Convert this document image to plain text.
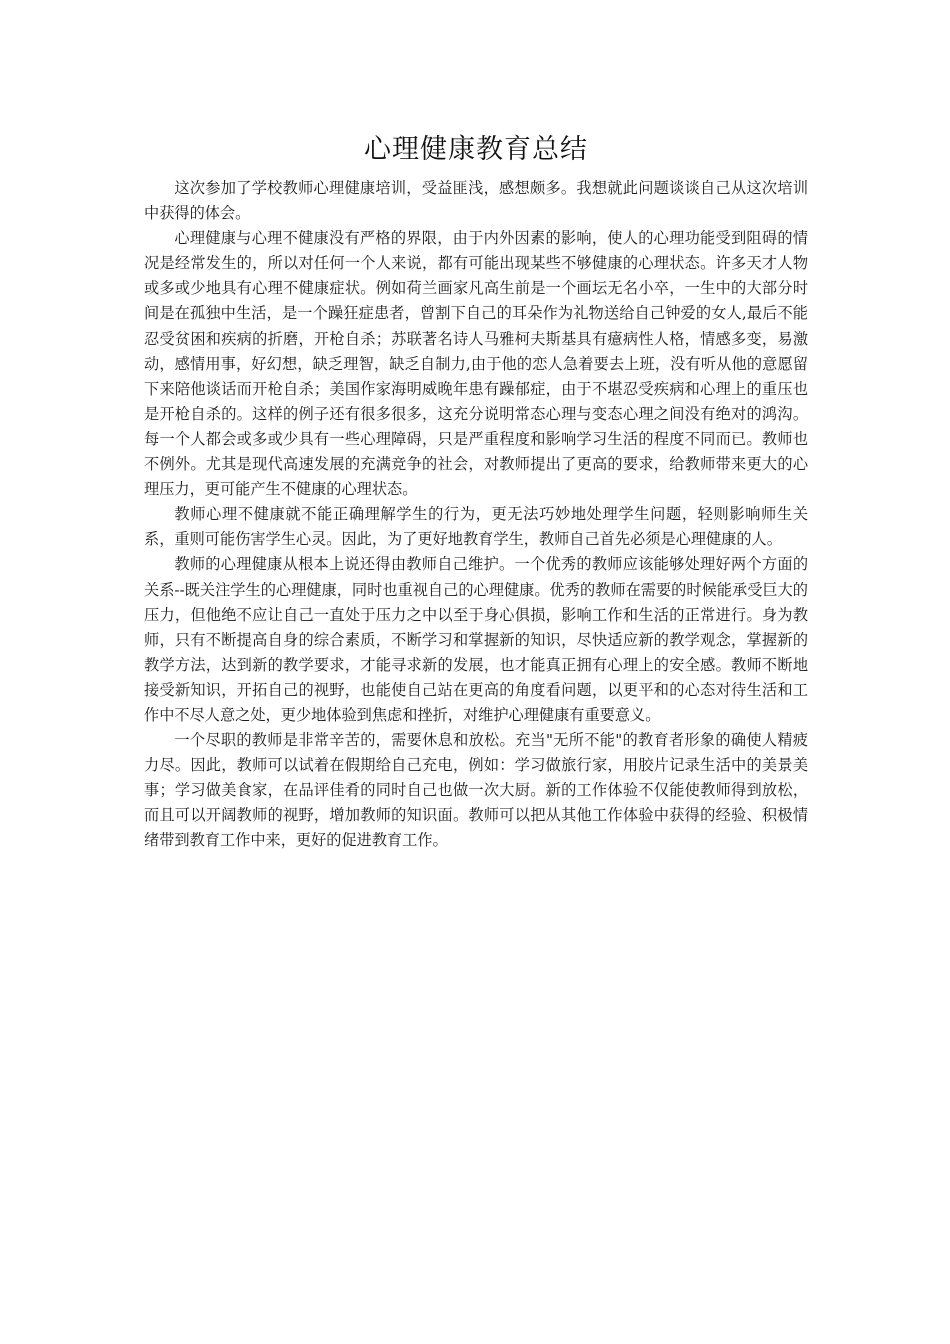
心理健康教育总结

这次参加了学校教师心理健康培训，受益匪浅，感想颇多。我想就此问题谈谈自己从这次培训中获得的体会。

心理健康与心理不健康没有严格的界限，由于内外因素的影响，使人的心理功能受到阻碍的情况是经常发生的，所以对任何一个人来说，都有可能出现某些不够健康的心理状态。许多天才人物或多或少地具有心理不健康症状。例如荷兰画家凡高生前是一个画坛无名小卒，一生中的大部分时间是在孤独中生活，是一个躁狂症患者，曾割下自己的耳朵作为礼物送给自己钟爱的女人,最后不能忍受贫困和疾病的折磨，开枪自杀；苏联著名诗人马雅柯夫斯基具有癔病性人格，情感多变，易激动，感情用事，好幻想，缺乏理智，缺乏自制力,由于他的恋人急着要去上班，没有听从他的意愿留下来陪他谈话而开枪自杀；美国作家海明威晚年患有躁郁症，由于不堪忍受疾病和心理上的重压也是开枪自杀的。这样的例子还有很多很多，这充分说明常态心理与变态心理之间没有绝对的鸿沟。每一个人都会或多或少具有一些心理障碍，只是严重程度和影响学习生活的程度不同而已。教师也不例外。尤其是现代高速发展的充满竞争的社会，对教师提出了更高的要求，给教师带来更大的心理压力，更可能产生不健康的心理状态。

教师心理不健康就不能正确理解学生的行为，更无法巧妙地处理学生问题，轻则影响师生关系，重则可能伤害学生心灵。因此，为了更好地教育学生，教师自己首先必须是心理健康的人。

教师的心理健康从根本上说还得由教师自己维护。一个优秀的教师应该能够处理好两个方面的关系--既关注学生的心理健康，同时也重视自己的心理健康。优秀的教师在需要的时候能承受巨大的压力，但他绝不应让自己一直处于压力之中以至于身心俱损，影响工作和生活的正常进行。身为教师，只有不断提高自身的综合素质，不断学习和掌握新的知识，尽快适应新的教学观念，掌握新的教学方法，达到新的教学要求，才能寻求新的发展，也才能真正拥有心理上的安全感。教师不断地接受新知识，开拓自己的视野，也能使自己站在更高的角度看问题，以更平和的心态对待生活和工作中不尽人意之处，更少地体验到焦虑和挫折，对维护心理健康有重要意义。

一个尽职的教师是非常辛苦的，需要休息和放松。充当"无所不能"的教育者形象的确使人精疲力尽。因此，教师可以试着在假期给自己充电，例如：学习做旅行家，用胶片记录生活中的美景美事；学习做美食家，在品评佳肴的同时自己也做一次大厨。新的工作体验不仅能使教师得到放松，而且可以开阔教师的视野，增加教师的知识面。教师可以把从其他工作体验中获得的经验、积极情绪带到教育工作中来，更好的促进教育工作。
